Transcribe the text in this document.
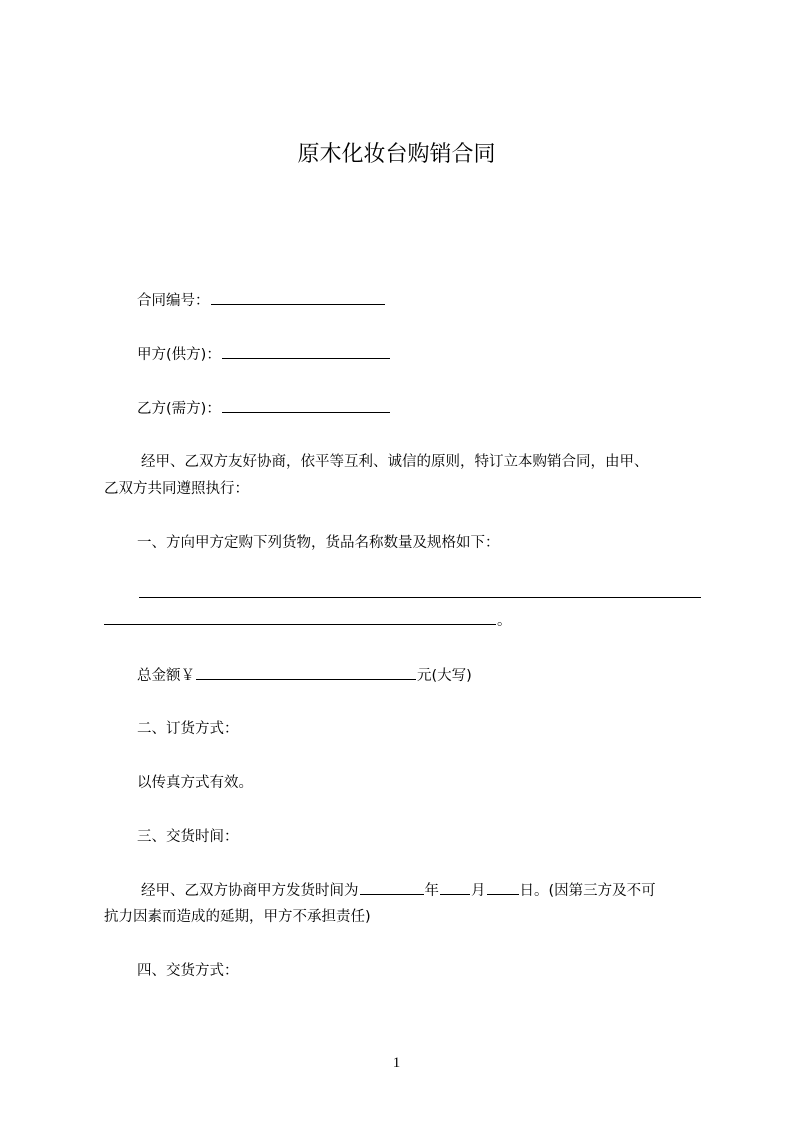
原木化妆台购销合同
合同编号：
甲方(供方)：
乙方(需方)：
经甲、乙双方友好协商，依平等互利、诚信的原则，特订立本购销合同，由甲、
乙双方共同遵照执行：
一、方向甲方定购下列货物，货品名称数量及规格如下：
。
总金额￥	元(大写)
二、订货方式：
以传真方式有效。
三、交货时间：
经甲、乙双方协商甲方发货时间为	年 月 日。(因第三方及不可
抗力因素而造成的延期，甲方不承担责任)
四、交货方式：
1
